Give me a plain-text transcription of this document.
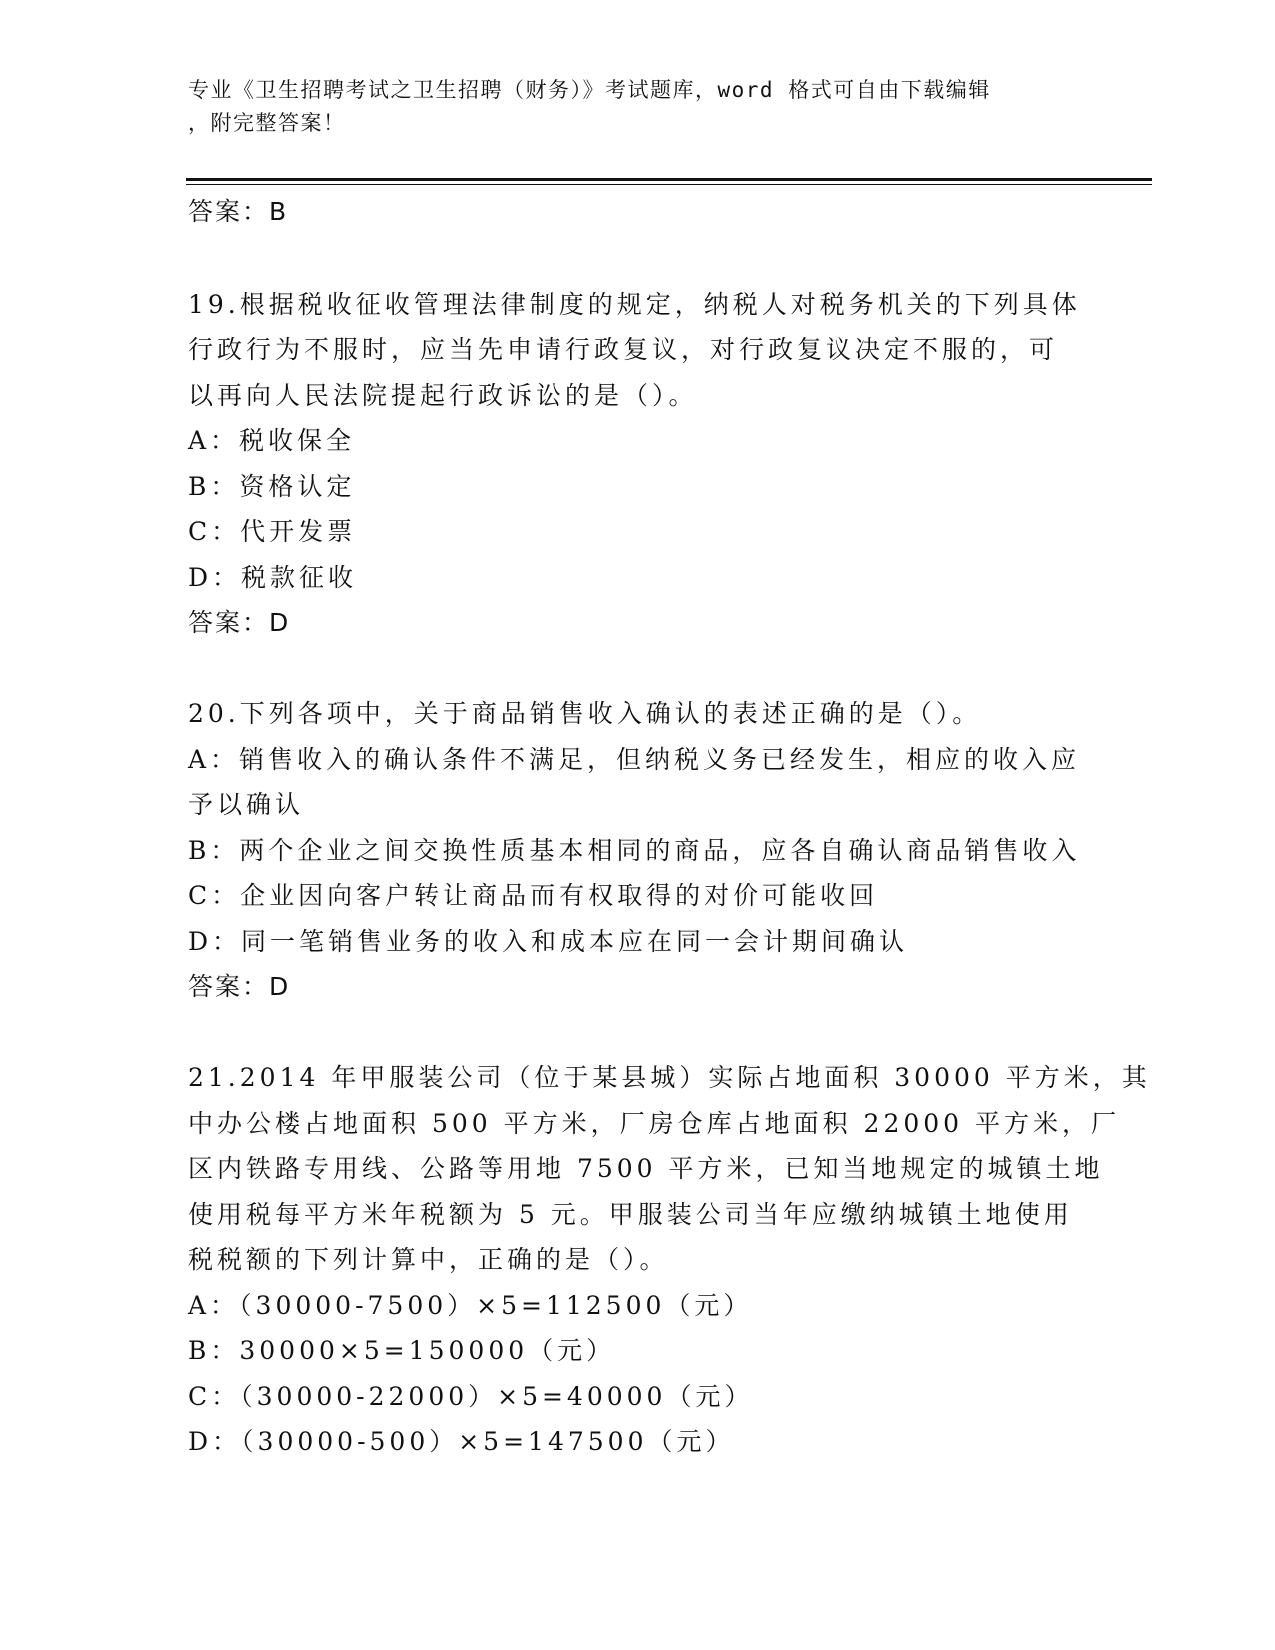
专业《卫生招聘考试之卫生招聘（财务）》考试题库，word 格式可自由下载编辑
，附完整答案！
答案：B
19.根据税收征收管理法律制度的规定，纳税人对税务机关的下列具体
行政行为不服时，应当先申请行政复议，对行政复议决定不服的，可
以再向人民法院提起行政诉讼的是（）。
A：税收保全
B：资格认定
C：代开发票
D：税款征收
答案：D
20.下列各项中，关于商品销售收入确认的表述正确的是（）。
A：销售收入的确认条件不满足，但纳税义务已经发生，相应的收入应
予以确认
B：两个企业之间交换性质基本相同的商品，应各自确认商品销售收入
C：企业因向客户转让商品而有权取得的对价可能收回
D：同一笔销售业务的收入和成本应在同一会计期间确认
答案：D
21.2014 年甲服装公司（位于某县城）实际占地面积 30000 平方米，其
中办公楼占地面积 500 平方米，厂房仓库占地面积 22000 平方米，厂
区内铁路专用线、公路等用地 7500 平方米，已知当地规定的城镇土地
使用税每平方米年税额为 5 元。甲服装公司当年应缴纳城镇土地使用
税税额的下列计算中，正确的是（）。
A：（30000-7500）×5=112500（元）
B：30000×5=150000（元）
C：（30000-22000）×5=40000（元）
D：（30000-500）×5=147500（元）
